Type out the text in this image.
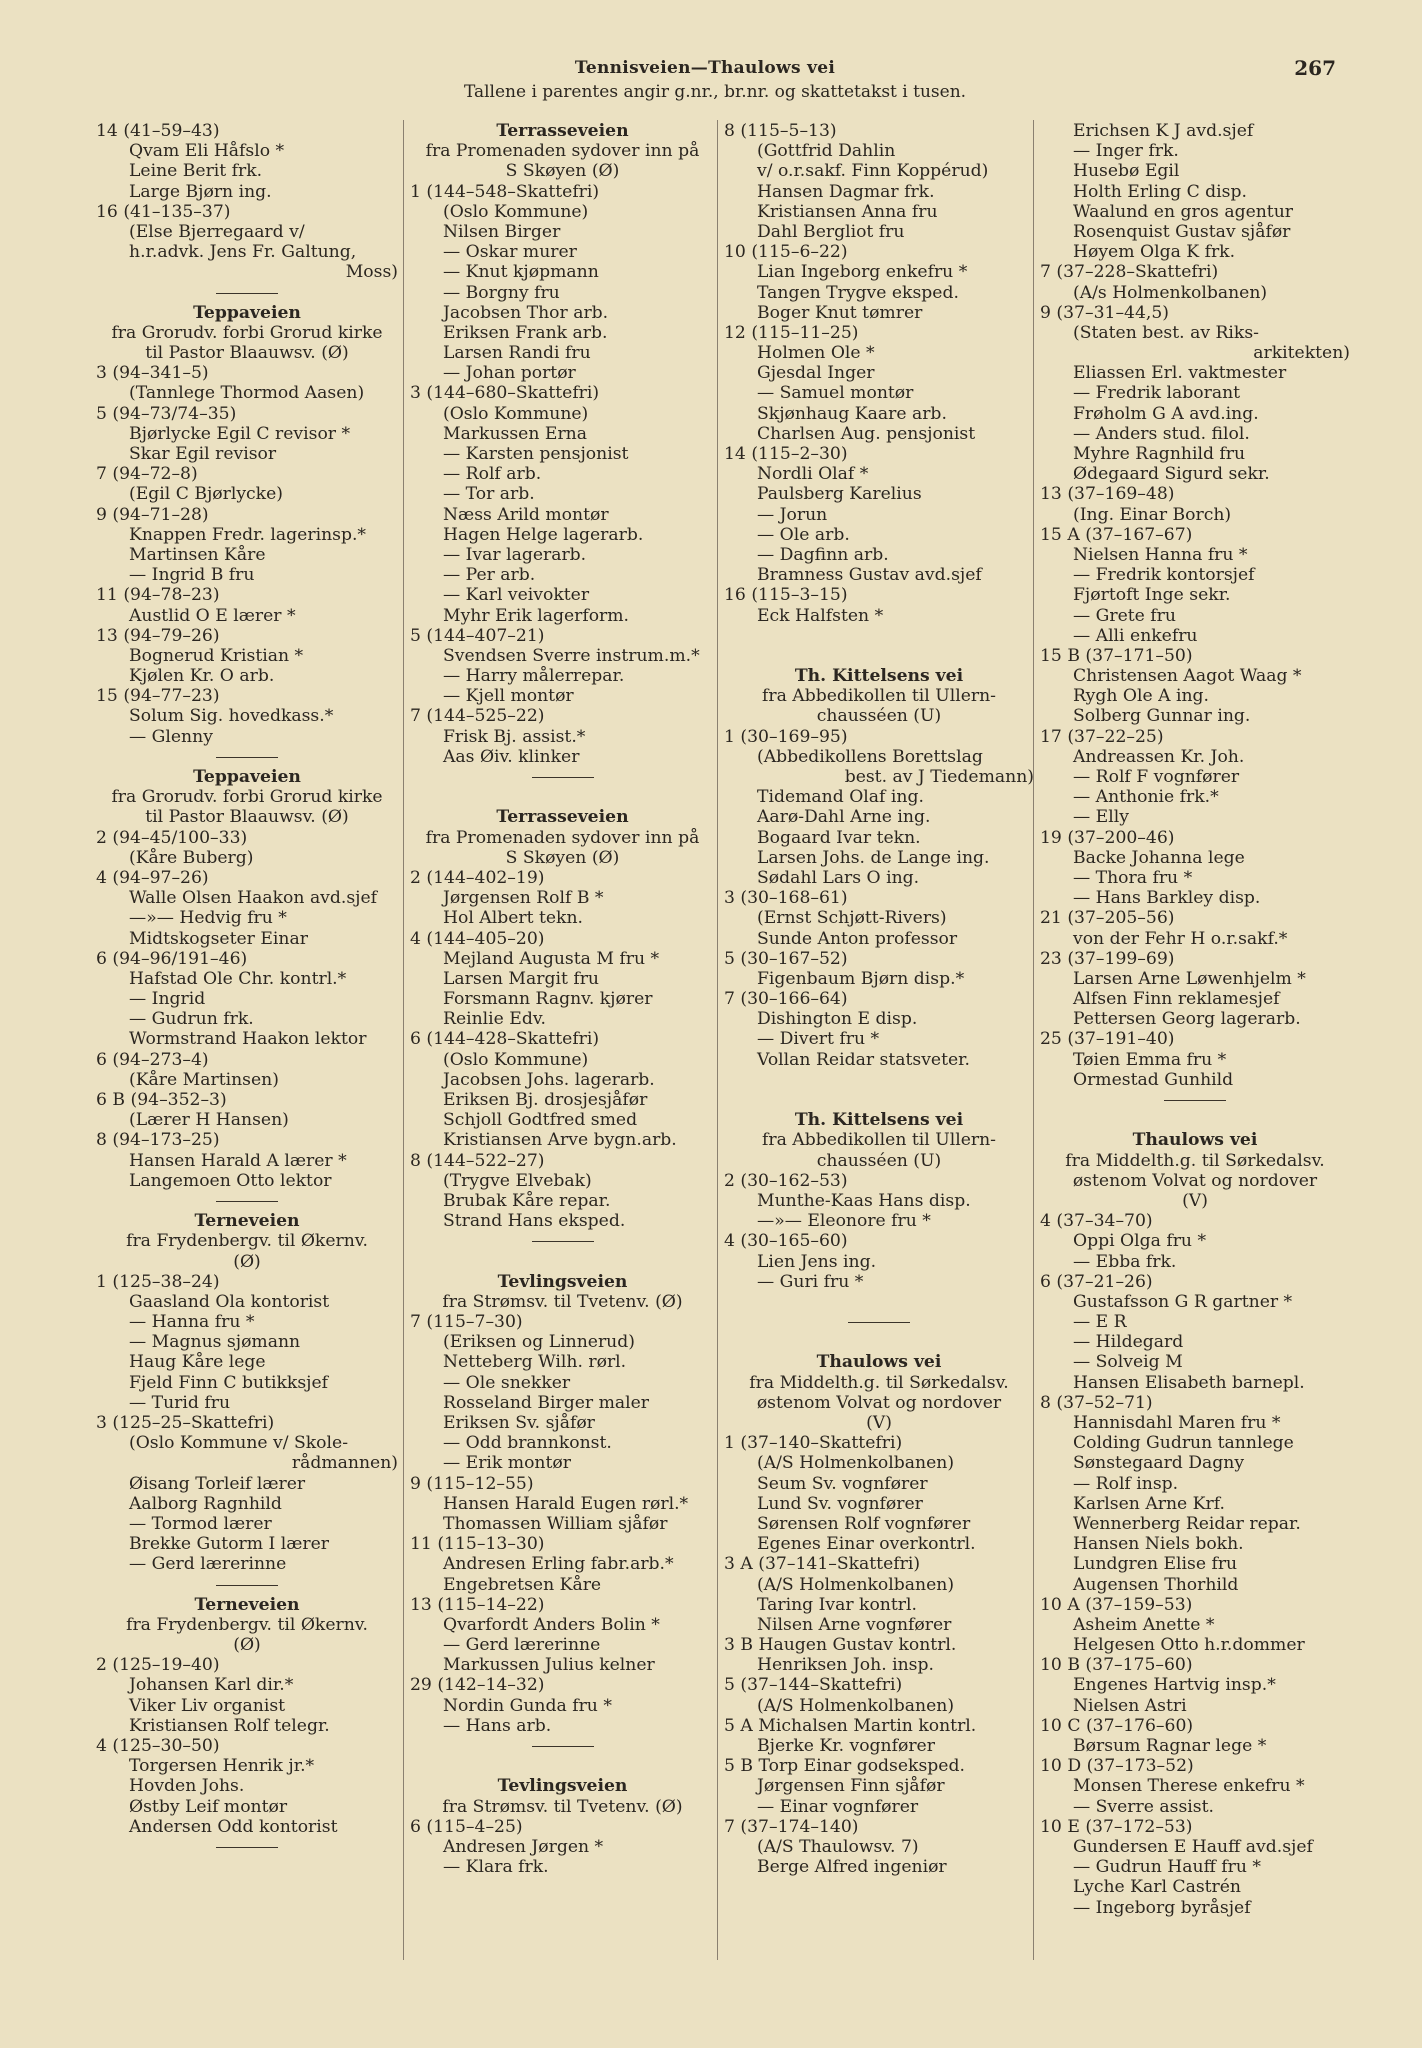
Tennisveien—Thaulows vei
Tallene i parentes angir g.nr., br.nr. og skattetakst i tusen.
267
14 (41–59–43)
Qvam Eli Håfslo *
Leine Berit frk.
Large Bjørn ing.
16 (41–135–37)
(Else Bjerregaard v/
h.r.advk. Jens Fr. Galtung,
Moss)
Teppaveien
fra Grorudv. forbi Grorud kirke
til Pastor Blaauwsv. (Ø)
3 (94–341–5)
(Tannlege Thormod Aasen)
5 (94–73/74–35)
Bjørlycke Egil C revisor *
Skar Egil revisor
7 (94–72–8)
(Egil C Bjørlycke)
9 (94–71–28)
Knappen Fredr. lagerinsp.*
Martinsen Kåre
— Ingrid B fru
11 (94–78–23)
Austlid O E lærer *
13 (94–79–26)
Bognerud Kristian *
Kjølen Kr. O arb.
15 (94–77–23)
Solum Sig. hovedkass.*
— Glenny
Teppaveien
fra Grorudv. forbi Grorud kirke
til Pastor Blaauwsv. (Ø)
2 (94–45/100–33)
(Kåre Buberg)
4 (94–97–26)
Walle Olsen Haakon avd.sjef
—»— Hedvig fru *
Midtskogseter Einar
6 (94–96/191–46)
Hafstad Ole Chr. kontrl.*
— Ingrid
— Gudrun frk.
Wormstrand Haakon lektor
6 (94–273–4)
(Kåre Martinsen)
6 B (94–352–3)
(Lærer H Hansen)
8 (94–173–25)
Hansen Harald A lærer *
Langemoen Otto lektor
Terneveien
fra Frydenbergv. til Økernv.
(Ø)
1 (125–38–24)
Gaasland Ola kontorist
— Hanna fru *
— Magnus sjømann
Haug Kåre lege
Fjeld Finn C butikksjef
— Turid fru
3 (125–25–Skattefri)
(Oslo Kommune v/ Skole-
rådmannen)
Øisang Torleif lærer
Aalborg Ragnhild
— Tormod lærer
Brekke Gutorm I lærer
— Gerd lærerinne
Terneveien
fra Frydenbergv. til Økernv.
(Ø)
2 (125–19–40)
Johansen Karl dir.*
Viker Liv organist
Kristiansen Rolf telegr.
4 (125–30–50)
Torgersen Henrik jr.*
Hovden Johs.
Østby Leif montør
Andersen Odd kontorist
Terrasseveien
fra Promenaden sydover inn på
S Skøyen (Ø)
1 (144–548–Skattefri)
(Oslo Kommune)
Nilsen Birger
— Oskar murer
— Knut kjøpmann
— Borgny fru
Jacobsen Thor arb.
Eriksen Frank arb.
Larsen Randi fru
— Johan portør
3 (144–680–Skattefri)
(Oslo Kommune)
Markussen Erna
— Karsten pensjonist
— Rolf arb.
— Tor arb.
Næss Arild montør
Hagen Helge lagerarb.
— Ivar lagerarb.
— Per arb.
— Karl veivokter
Myhr Erik lagerform.
5 (144–407–21)
Svendsen Sverre instrum.m.*
— Harry målerrepar.
— Kjell montør
7 (144–525–22)
Frisk Bj. assist.*
Aas Øiv. klinker
Terrasseveien
fra Promenaden sydover inn på
S Skøyen (Ø)
2 (144–402–19)
Jørgensen Rolf B *
Hol Albert tekn.
4 (144–405–20)
Mejland Augusta M fru *
Larsen Margit fru
Forsmann Ragnv. kjører
Reinlie Edv.
6 (144–428–Skattefri)
(Oslo Kommune)
Jacobsen Johs. lagerarb.
Eriksen Bj. drosjesjåfør
Schjoll Godtfred smed
Kristiansen Arve bygn.arb.
8 (144–522–27)
(Trygve Elvebak)
Brubak Kåre repar.
Strand Hans eksped.
Tevlingsveien
fra Strømsv. til Tvetenv. (Ø)
7 (115–7–30)
(Eriksen og Linnerud)
Netteberg Wilh. rørl.
— Ole snekker
Rosseland Birger maler
Eriksen Sv. sjåfør
— Odd brannkonst.
— Erik montør
9 (115–12–55)
Hansen Harald Eugen rørl.*
Thomassen William sjåfør
11 (115–13–30)
Andresen Erling fabr.arb.*
Engebretsen Kåre
13 (115–14–22)
Qvarfordt Anders Bolin *
— Gerd lærerinne
Markussen Julius kelner
29 (142–14–32)
Nordin Gunda fru *
— Hans arb.
Tevlingsveien
fra Strømsv. til Tvetenv. (Ø)
6 (115–4–25)
Andresen Jørgen *
— Klara frk.
8 (115–5–13)
(Gottfrid Dahlin
v/ o.r.sakf. Finn Koppérud)
Hansen Dagmar frk.
Kristiansen Anna fru
Dahl Bergliot fru
10 (115–6–22)
Lian Ingeborg enkefru *
Tangen Trygve eksped.
Boger Knut tømrer
12 (115–11–25)
Holmen Ole *
Gjesdal Inger
— Samuel montør
Skjønhaug Kaare arb.
Charlsen Aug. pensjonist
14 (115–2–30)
Nordli Olaf *
Paulsberg Karelius
— Jorun
— Ole arb.
— Dagfinn arb.
Bramness Gustav avd.sjef
16 (115–3–15)
Eck Halfsten *
Th. Kittelsens vei
fra Abbedikollen til Ullern-
chausséen (U)
1 (30–169–95)
(Abbedikollens Borettslag
best. av J Tiedemann)
Tidemand Olaf ing.
Aarø-Dahl Arne ing.
Bogaard Ivar tekn.
Larsen Johs. de Lange ing.
Sødahl Lars O ing.
3 (30–168–61)
(Ernst Schjøtt-Rivers)
Sunde Anton professor
5 (30–167–52)
Figenbaum Bjørn disp.*
7 (30–166–64)
Dishington E disp.
— Divert fru *
Vollan Reidar statsveter.
Th. Kittelsens vei
fra Abbedikollen til Ullern-
chausséen (U)
2 (30–162–53)
Munthe-Kaas Hans disp.
—»— Eleonore fru *
4 (30–165–60)
Lien Jens ing.
— Guri fru *
Thaulows vei
fra Middelth.g. til Sørkedalsv.
østenom Volvat og nordover
(V)
1 (37–140–Skattefri)
(A/S Holmenkolbanen)
Seum Sv. vognfører
Lund Sv. vognfører
Sørensen Rolf vognfører
Egenes Einar overkontrl.
3 A (37–141–Skattefri)
(A/S Holmenkolbanen)
Taring Ivar kontrl.
Nilsen Arne vognfører
3 B Haugen Gustav kontrl.
Henriksen Joh. insp.
5 (37–144–Skattefri)
(A/S Holmenkolbanen)
5 A Michalsen Martin kontrl.
Bjerke Kr. vognfører
5 B Torp Einar godseksped.
Jørgensen Finn sjåfør
— Einar vognfører
7 (37–174–140)
(A/S Thaulowsv. 7)
Berge Alfred ingeniør
Erichsen K J avd.sjef
— Inger frk.
Husebø Egil
Holth Erling C disp.
Waalund en gros agentur
Rosenquist Gustav sjåfør
Høyem Olga K frk.
7 (37–228–Skattefri)
(A/s Holmenkolbanen)
9 (37–31–44,5)
(Staten best. av Riks-
arkitekten)
Eliassen Erl. vaktmester
— Fredrik laborant
Frøholm G A avd.ing.
— Anders stud. filol.
Myhre Ragnhild fru
Ødegaard Sigurd sekr.
13 (37–169–48)
(Ing. Einar Borch)
15 A (37–167–67)
Nielsen Hanna fru *
— Fredrik kontorsjef
Fjørtoft Inge sekr.
— Grete fru
— Alli enkefru
15 B (37–171–50)
Christensen Aagot Waag *
Rygh Ole A ing.
Solberg Gunnar ing.
17 (37–22–25)
Andreassen Kr. Joh.
— Rolf F vognfører
— Anthonie frk.*
— Elly
19 (37–200–46)
Backe Johanna lege
— Thora fru *
— Hans Barkley disp.
21 (37–205–56)
von der Fehr H o.r.sakf.*
23 (37–199–69)
Larsen Arne Løwenhjelm *
Alfsen Finn reklamesjef
Pettersen Georg lagerarb.
25 (37–191–40)
Tøien Emma fru *
Ormestad Gunhild
Thaulows vei
fra Middelth.g. til Sørkedalsv.
østenom Volvat og nordover
(V)
4 (37–34–70)
Oppi Olga fru *
— Ebba frk.
6 (37–21–26)
Gustafsson G R gartner *
— E R
— Hildegard
— Solveig M
Hansen Elisabeth barnepl.
8 (37–52–71)
Hannisdahl Maren fru *
Colding Gudrun tannlege
Sønstegaard Dagny
— Rolf insp.
Karlsen Arne Krf.
Wennerberg Reidar repar.
Hansen Niels bokh.
Lundgren Elise fru
Augensen Thorhild
10 A (37–159–53)
Asheim Anette *
Helgesen Otto h.r.dommer
10 B (37–175–60)
Engenes Hartvig insp.*
Nielsen Astri
10 C (37–176–60)
Børsum Ragnar lege *
10 D (37–173–52)
Monsen Therese enkefru *
— Sverre assist.
10 E (37–172–53)
Gundersen E Hauff avd.sjef
— Gudrun Hauff fru *
Lyche Karl Castrén
— Ingeborg byråsjef
